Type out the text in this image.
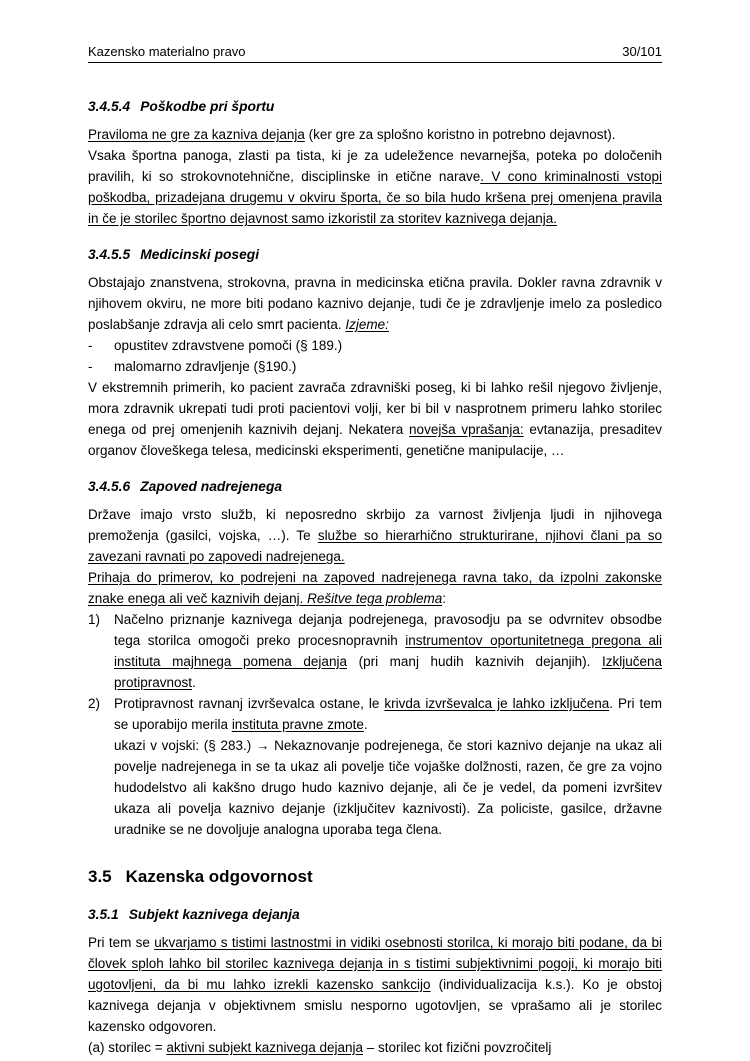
Kazensko materialno pravo	30/101
3.4.5.4 Poškodbe pri športu

Praviloma ne gre za kazniva dejanja (ker gre za splošno koristno in potrebno dejavnost).

Vsaka športna panoga, zlasti pa tista, ki je za udeležence nevarnejša, poteka po določenih pravilih, ki so strokovnotehnične, disciplinske in etične narave. V cono kriminalnosti vstopi poškodba, prizadejana drugemu v okviru športa, če so bila hudo kršena prej omenjena pravila in če je storilec športno dejavnost samo izkoristil za storitev kaznivega dejanja.

3.4.5.5 Medicinski posegi

Obstajajo znanstvena, strokovna, pravna in medicinska etična pravila. Dokler ravna zdravnik v njihovem okviru, ne more biti podano kaznivo dejanje, tudi če je zdravljenje imelo za posledico poslabšanje zdravja ali celo smrt pacienta. Izjeme:

- opustitev zdravstvene pomoči (§ 189.)
- malomarno zdravljenje (§190.)

V ekstremnih primerih, ko pacient zavrača zdravniški poseg, ki bi lahko rešil njegovo življenje, mora zdravnik ukrepati tudi proti pacientovi volji, ker bi bil v nasprotnem primeru lahko storilec enega od prej omenjenih kaznivih dejanj. Nekatera novejša vprašanja: evtanazija, presaditev organov človeškega telesa, medicinski eksperimenti, genetične manipulacije, …

3.4.5.6 Zapoved nadrejenega

Države imajo vrsto služb, ki neposredno skrbijo za varnost življenja ljudi in njihovega premoženja (gasilci, vojska, …). Te službe so hierarhično strukturirane, njihovi člani pa so zavezani ravnati po zapovedi nadrejenega.

Prihaja do primerov, ko podrejeni na zapoved nadrejenega ravna tako, da izpolni zakonske znake enega ali več kaznivih dejanj. Rešitve tega problema:

1) Načelno priznanje kaznivega dejanja podrejenega, pravosodju pa se odvrnitev obsodbe tega storilca omogoči preko procesnopravnih instrumentov oportunitetnega pregona ali instituta majhnega pomena dejanja (pri manj hudih kaznivih dejanjih). Izključena protipravnost.
2) Protipravnost ravnanj izvrševalca ostane, le krivda izvrševalca je lahko izključena. Pri tem se uporabijo merila instituta pravne zmote.
ukazi v vojski: (§ 283.) → Nekaznovanje podrejenega, če stori kaznivo dejanje na ukaz ali povelje nadrejenega in se ta ukaz ali povelje tiče vojaške dolžnosti, razen, če gre za vojno hudodelstvo ali kakšno drugo hudo kaznivo dejanje, ali če je vedel, da pomeni izvršitev ukaza ali povelja kaznivo dejanje (izključitev kaznivosti). Za policiste, gasilce, državne uradnike se ne dovoljuje analogna uporaba tega člena.
3.5 Kazenska odgovornost
3.5.1 Subjekt kaznivega dejanja

Pri tem se ukvarjamo s tistimi lastnostmi in vidiki osebnosti storilca, ki morajo biti podane, da bi človek sploh lahko bil storilec kaznivega dejanja in s tistimi subjektivnimi pogoji, ki morajo biti ugotovljeni, da bi mu lahko izrekli kazensko sankcijo (individualizacija k.s.). Ko je obstoj kaznivega dejanja v objektivnem smislu nesporno ugotovljen, se vprašamo ali je storilec kazensko odgovoren.

(a) storilec = aktivni subjekt kaznivega dejanja – storilec kot fizični povzročitelj
